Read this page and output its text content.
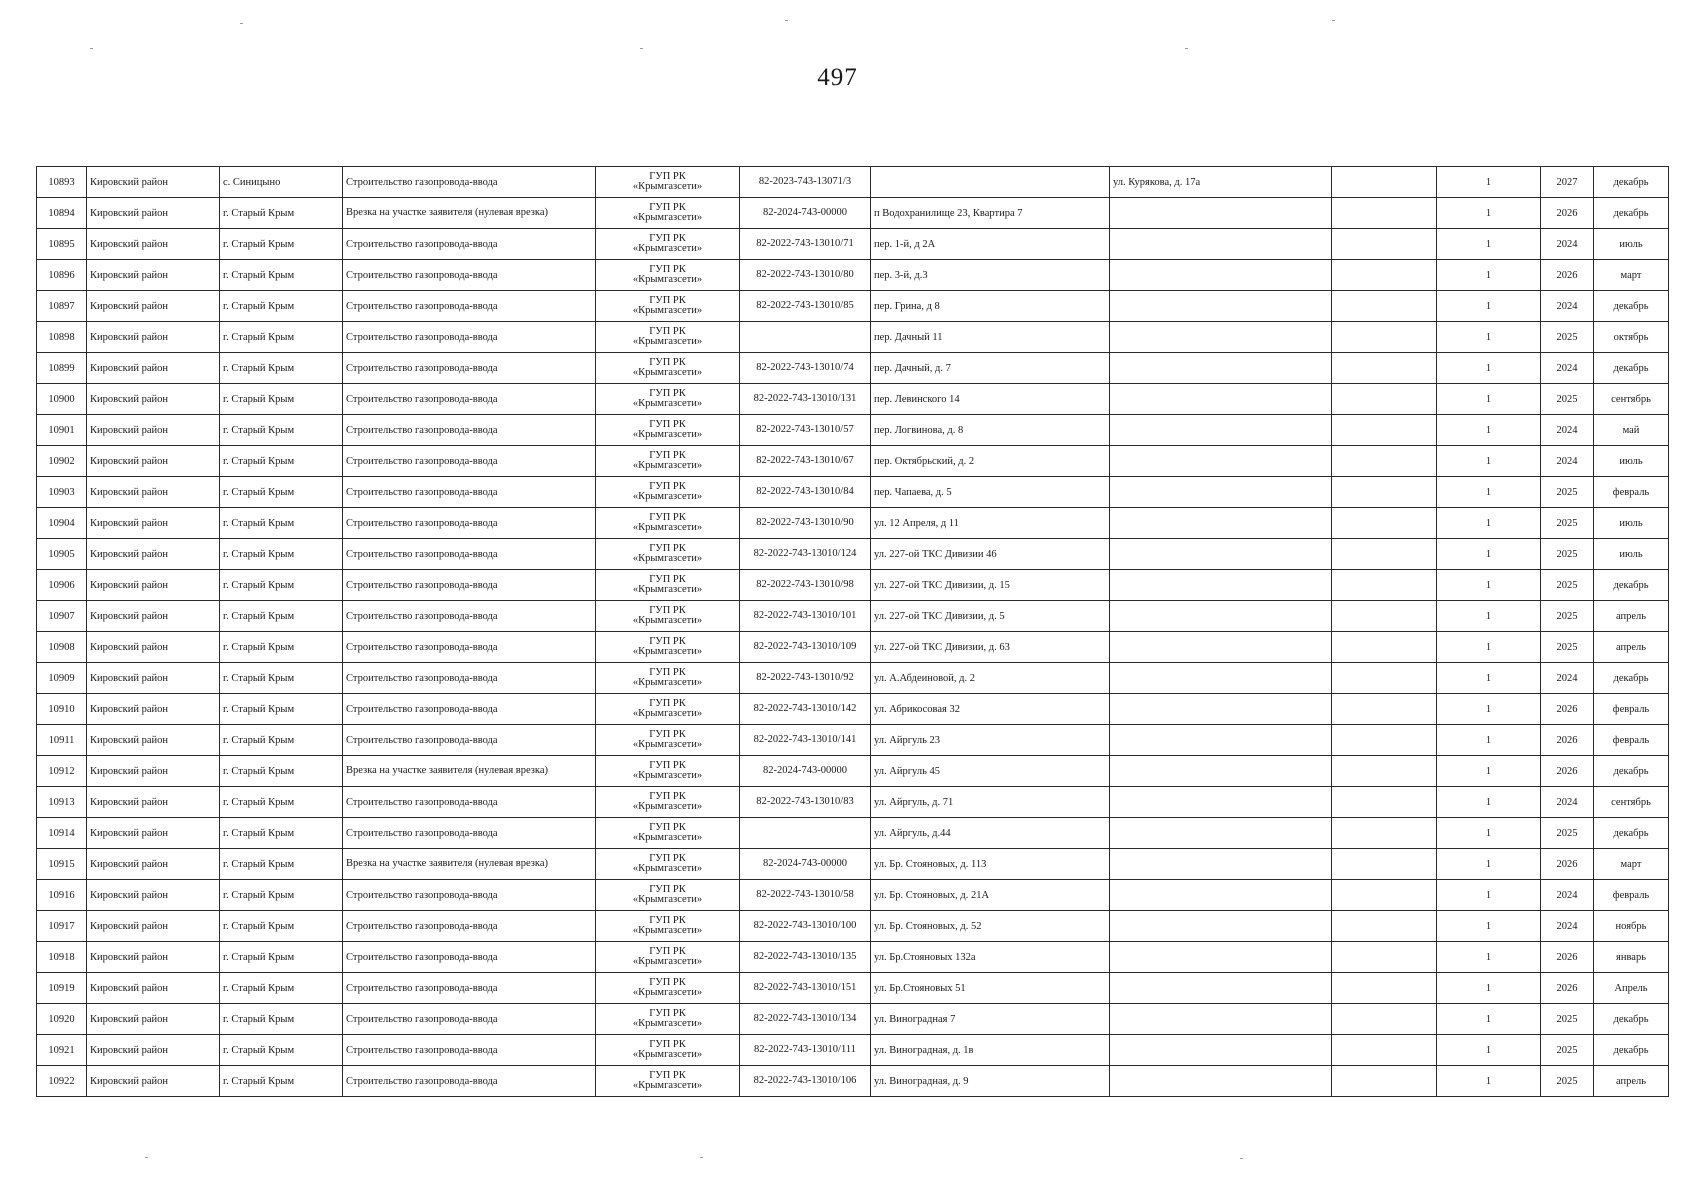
497
10893	Кировский район	с. Синицыно	Строительство газопровода-ввода	ГУП РК
«Крымгазсети»	82-2023-743-13071/3		ул. Курякова, д. 17а		1	2027	декабрь
10894	Кировский район	г. Старый Крым	Врезка на участке заявителя (нулевая врезка)	ГУП РК
«Крымгазсети»	82-2024-743-00000	п Водохранилище 23, Квартира 7			1	2026	декабрь
10895	Кировский район	г. Старый Крым	Строительство газопровода-ввода	ГУП РК
«Крымгазсети»	82-2022-743-13010/71	пер. 1-й, д 2А			1	2024	июль
10896	Кировский район	г. Старый Крым	Строительство газопровода-ввода	ГУП РК
«Крымгазсети»	82-2022-743-13010/80	пер. 3-й, д.3			1	2026	март
10897	Кировский район	г. Старый Крым	Строительство газопровода-ввода	ГУП РК
«Крымгазсети»	82-2022-743-13010/85	пер. Грина, д 8			1	2024	декабрь
10898	Кировский район	г. Старый Крым	Строительство газопровода-ввода	ГУП РК
«Крымгазсети»		пер. Дачный 11			1	2025	октябрь
10899	Кировский район	г. Старый Крым	Строительство газопровода-ввода	ГУП РК
«Крымгазсети»	82-2022-743-13010/74	пер. Дачный, д. 7			1	2024	декабрь
10900	Кировский район	г. Старый Крым	Строительство газопровода-ввода	ГУП РК
«Крымгазсети»	82-2022-743-13010/131	пер. Левинского 14			1	2025	сентябрь
10901	Кировский район	г. Старый Крым	Строительство газопровода-ввода	ГУП РК
«Крымгазсети»	82-2022-743-13010/57	пер. Логвинова, д. 8			1	2024	май
10902	Кировский район	г. Старый Крым	Строительство газопровода-ввода	ГУП РК
«Крымгазсети»	82-2022-743-13010/67	пер. Октябрьский, д. 2			1	2024	июль
10903	Кировский район	г. Старый Крым	Строительство газопровода-ввода	ГУП РК
«Крымгазсети»	82-2022-743-13010/84	пер. Чапаева, д. 5			1	2025	февраль
10904	Кировский район	г. Старый Крым	Строительство газопровода-ввода	ГУП РК
«Крымгазсети»	82-2022-743-13010/90	ул. 12 Апреля, д 11			1	2025	июль
10905	Кировский район	г. Старый Крым	Строительство газопровода-ввода	ГУП РК
«Крымгазсети»	82-2022-743-13010/124	ул. 227-ой ТКС Дивизии 46			1	2025	июль
10906	Кировский район	г. Старый Крым	Строительство газопровода-ввода	ГУП РК
«Крымгазсети»	82-2022-743-13010/98	ул. 227-ой ТКС Дивизии, д. 15			1	2025	декабрь
10907	Кировский район	г. Старый Крым	Строительство газопровода-ввода	ГУП РК
«Крымгазсети»	82-2022-743-13010/101	ул. 227-ой ТКС Дивизии, д. 5			1	2025	апрель
10908	Кировский район	г. Старый Крым	Строительство газопровода-ввода	ГУП РК
«Крымгазсети»	82-2022-743-13010/109	ул. 227-ой ТКС Дивизии, д. 63			1	2025	апрель
10909	Кировский район	г. Старый Крым	Строительство газопровода-ввода	ГУП РК
«Крымгазсети»	82-2022-743-13010/92	ул. А.Абдеиновой, д. 2			1	2024	декабрь
10910	Кировский район	г. Старый Крым	Строительство газопровода-ввода	ГУП РК
«Крымгазсети»	82-2022-743-13010/142	ул. Абрикосовая 32			1	2026	февраль
10911	Кировский район	г. Старый Крым	Строительство газопровода-ввода	ГУП РК
«Крымгазсети»	82-2022-743-13010/141	ул. Айргуль 23			1	2026	февраль
10912	Кировский район	г. Старый Крым	Врезка на участке заявителя (нулевая врезка)	ГУП РК
«Крымгазсети»	82-2024-743-00000	ул. Айргуль 45			1	2026	декабрь
10913	Кировский район	г. Старый Крым	Строительство газопровода-ввода	ГУП РК
«Крымгазсети»	82-2022-743-13010/83	ул. Айргуль, д. 71			1	2024	сентябрь
10914	Кировский район	г. Старый Крым	Строительство газопровода-ввода	ГУП РК
«Крымгазсети»		ул. Айргуль, д.44			1	2025	декабрь
10915	Кировский район	г. Старый Крым	Врезка на участке заявителя (нулевая врезка)	ГУП РК
«Крымгазсети»	82-2024-743-00000	ул. Бр. Стояновых, д. 113			1	2026	март
10916	Кировский район	г. Старый Крым	Строительство газопровода-ввода	ГУП РК
«Крымгазсети»	82-2022-743-13010/58	ул. Бр. Стояновых, д. 21А			1	2024	февраль
10917	Кировский район	г. Старый Крым	Строительство газопровода-ввода	ГУП РК
«Крымгазсети»	82-2022-743-13010/100	ул. Бр. Стояновых, д. 52			1	2024	ноябрь
10918	Кировский район	г. Старый Крым	Строительство газопровода-ввода	ГУП РК
«Крымгазсети»	82-2022-743-13010/135	ул. Бр.Стояновых 132а			1	2026	январь
10919	Кировский район	г. Старый Крым	Строительство газопровода-ввода	ГУП РК
«Крымгазсети»	82-2022-743-13010/151	ул. Бр.Стояновых 51			1	2026	Апрель
10920	Кировский район	г. Старый Крым	Строительство газопровода-ввода	ГУП РК
«Крымгазсети»	82-2022-743-13010/134	ул. Виноградная 7			1	2025	декабрь
10921	Кировский район	г. Старый Крым	Строительство газопровода-ввода	ГУП РК
«Крымгазсети»	82-2022-743-13010/111	ул. Виноградная, д. 1в			1	2025	декабрь
10922	Кировский район	г. Старый Крым	Строительство газопровода-ввода	ГУП РК
«Крымгазсети»	82-2022-743-13010/106	ул. Виноградная, д. 9			1	2025	апрель
